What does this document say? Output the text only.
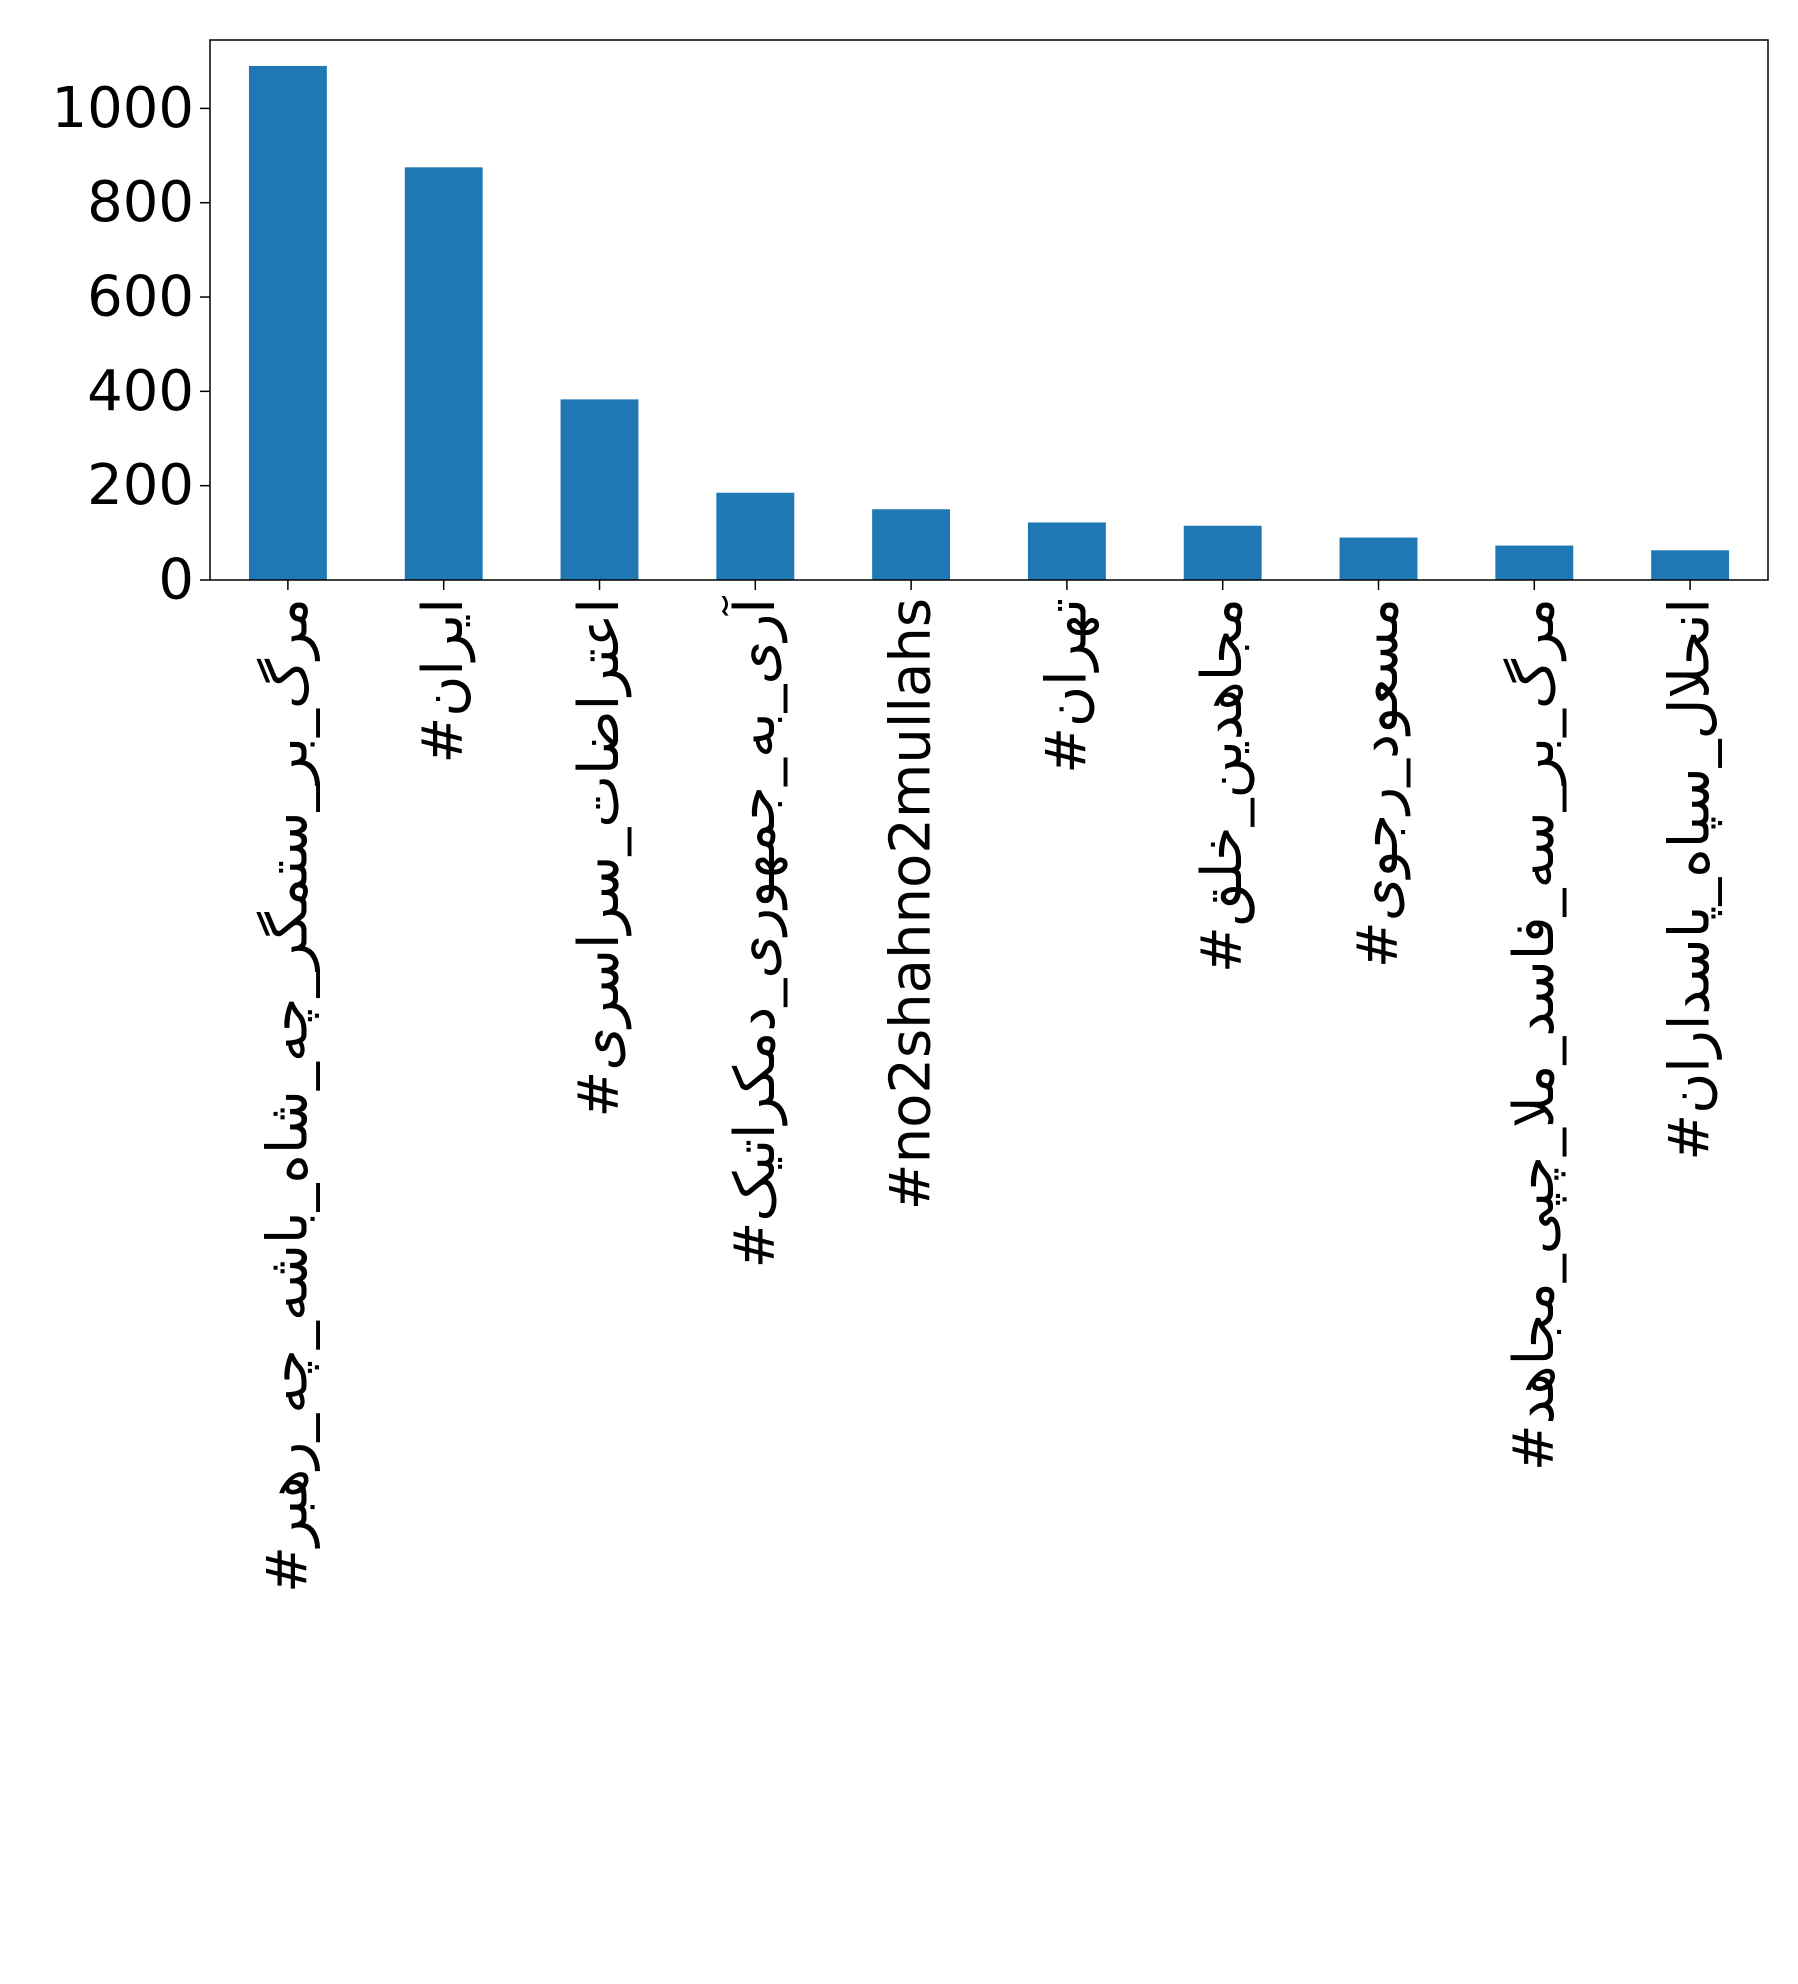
0
200
400
600
800
1000
#مرگ_بر_ستمگر_چه_شاه_باشه_چه_رهبر #ایران
#اعتراضات_سراسری
#آری_به_جمهوری_دمکراتیک #no2shahno2mullahs #تهران
#مجاهدین_خلق
#مسعود_رجوی
#مرگ_بر_سه_فاسد_ملا_چپی_مجاهد #انحلال_سپاه_پاسداران
